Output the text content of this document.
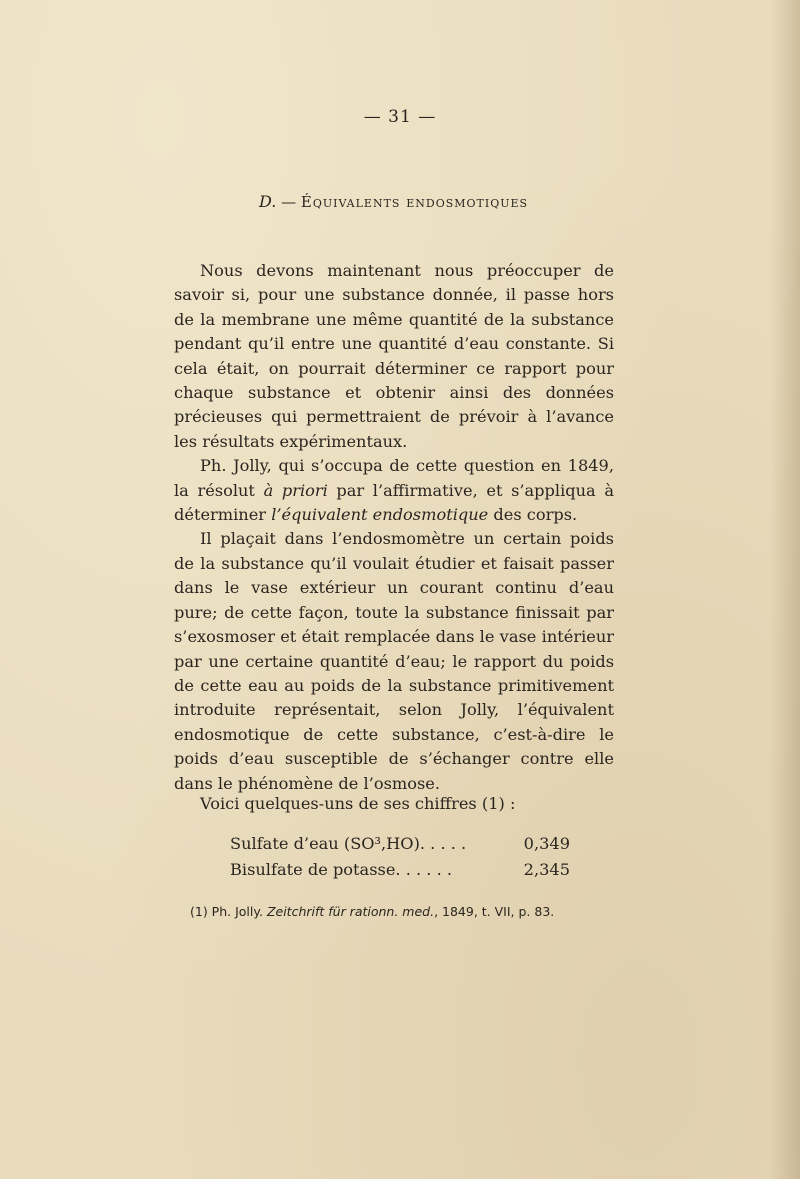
— 31 —
D. — Équivalents endosmotiques

Nous devons maintenant nous préoccuper de savoir si, pour une substance donnée, il passe hors de la membrane une même quantité de la substance pendant qu’il entre une quantité d’eau constante. Si cela était, on pourrait déterminer ce rapport pour chaque substance et obtenir ainsi des données précieuses qui permettraient de prévoir à l’avance les résultats expérimentaux.

Ph. Jolly, qui s’occupa de cette question en 1849, la résolut à priori par l’affirmative, et s’appliqua à déterminer l’équivalent endosmotique des corps.

Il plaçait dans l’endosmomètre un certain poids de la substance qu’il voulait étudier et faisait passer dans le vase extérieur un courant continu d’eau pure; de cette façon, toute la substance finissait par s’exosmoser et était remplacée dans le vase intérieur par une certaine quantité d’eau; le rapport du poids de cette eau au poids de la substance primitivement introduite représentait, selon Jolly, l’équivalent endosmotique de cette substance, c’est-à-dire le poids d’eau susceptible de s’échanger contre elle dans le phénomène de l’osmose.

Voici quelques-uns de ses chiffres (1) :
Sulfate d’eau (SO³,HO). . . . .	0,349
Bisulfate de potasse. . . . . .	2,345
(1) Ph. Jolly. Zeitchrift für rationn. med., 1849, t. VII, p. 83.
